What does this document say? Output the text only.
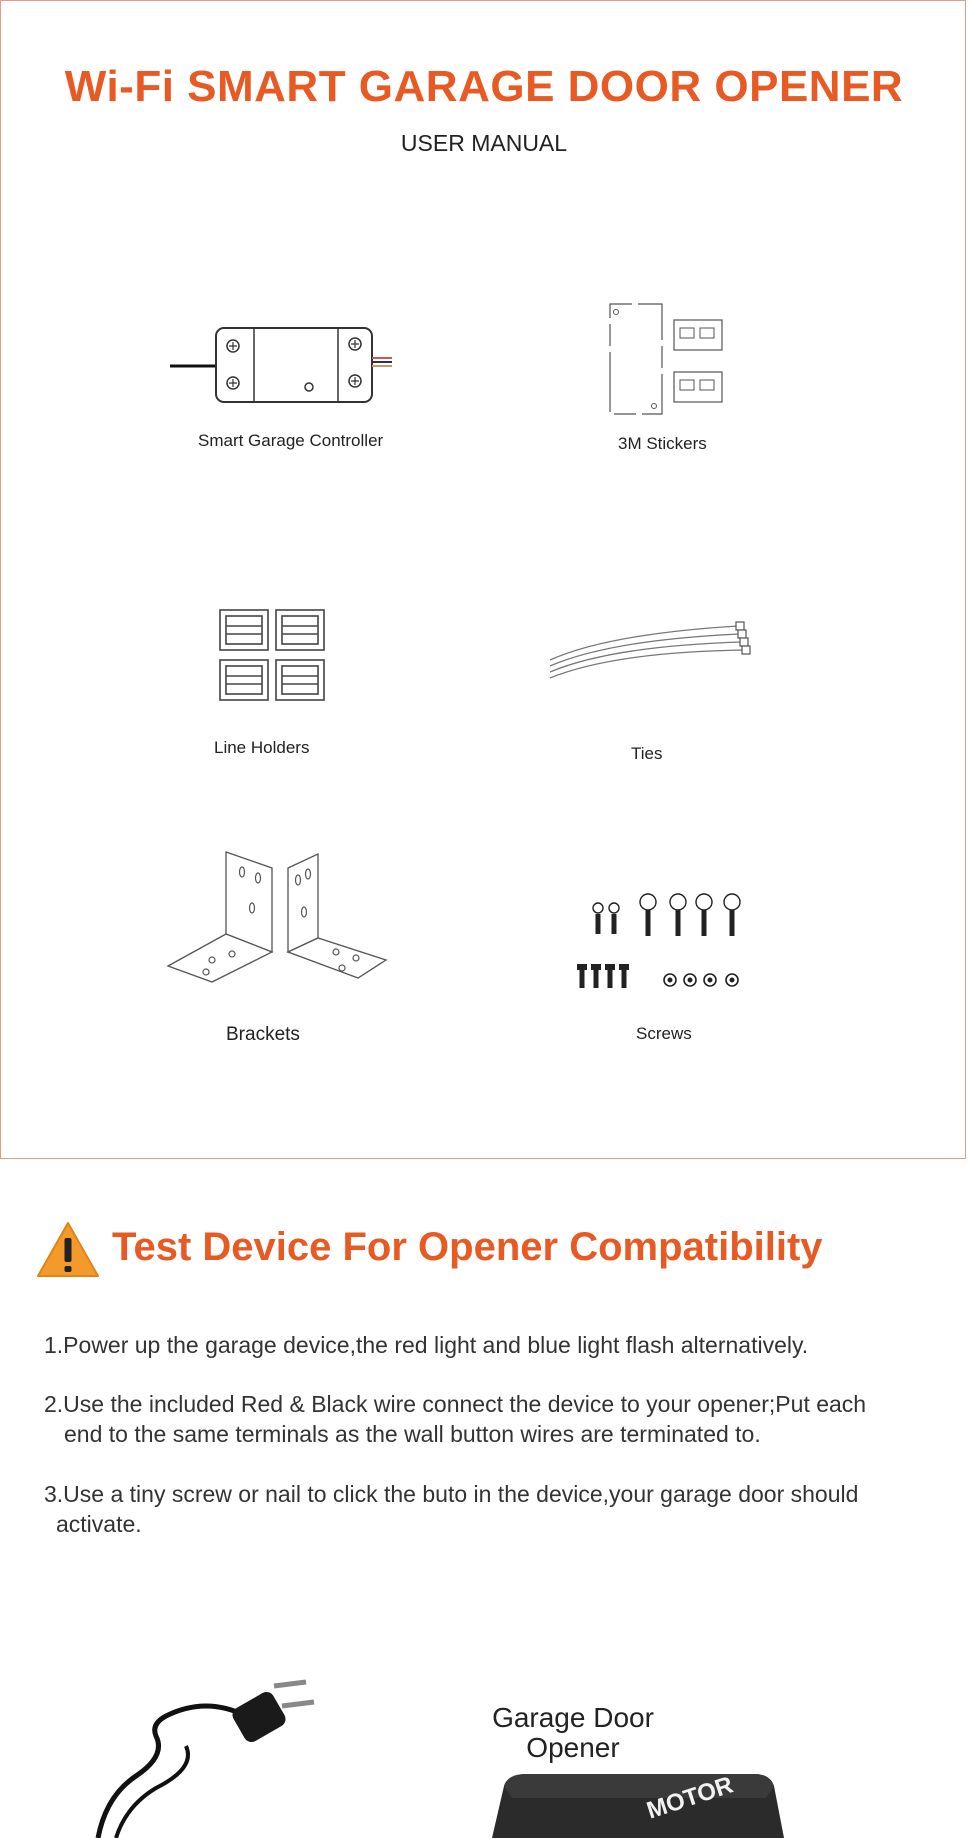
Wi-Fi SMART GARAGE DOOR OPENER
USER MANUAL
Smart Garage Controller	3M Stickers
Line Holders	Ties
Brackets	Screws
Test Device For Opener Compatibility
1.Power up the garage device,the red light and blue light flash alternatively.
2.Use the included Red & Black wire connect the device to your opener;Put each
end to the same terminals as the wall button wires are terminated to.
3.Use a tiny screw or nail to click the buto in the device,your garage door should
activate.
Garage Door
Opener
MOTOR
